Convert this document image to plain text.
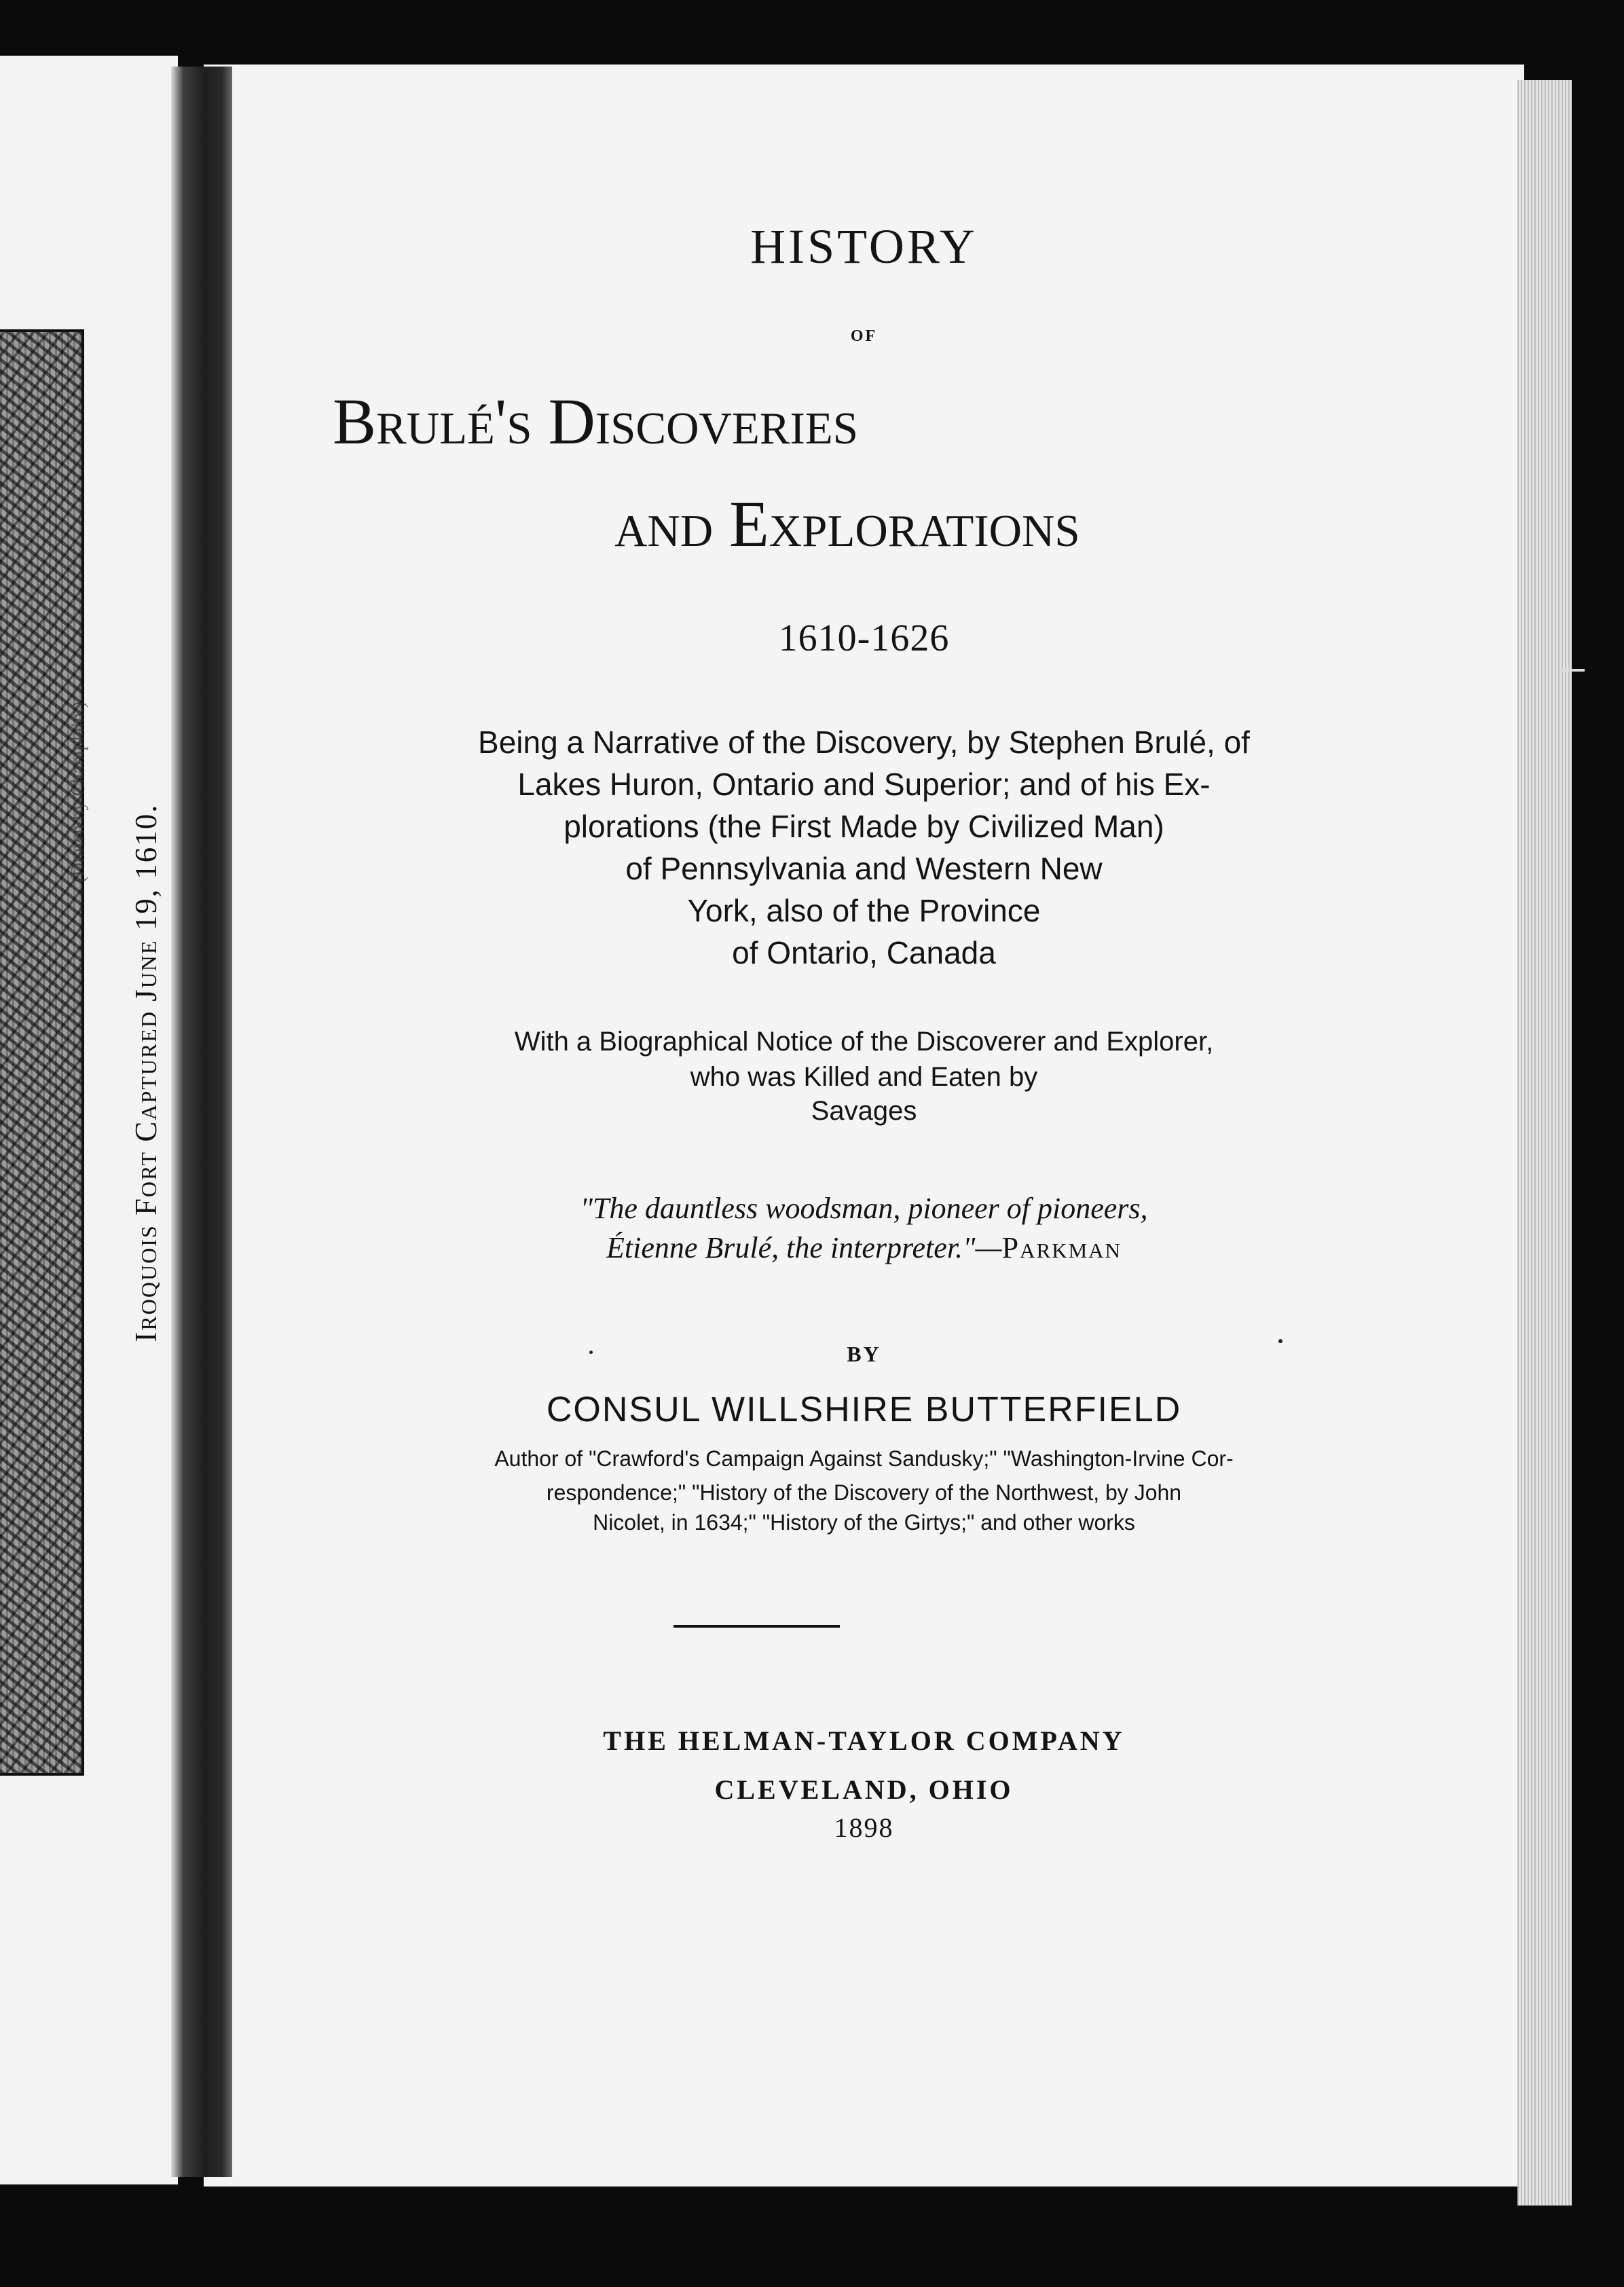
Iroquois Fort Captured June 19, 1610.
(Drawn by Champlain.)
HISTORY
OF
Brulé's Discoveries
and Explorations
1610-1626
Being a Narrative of the Discovery, by Stephen Brulé, of
Lakes Huron, Ontario and Superior; and of his Ex-
plorations (the First Made by Civilized Man)
of Pennsylvania and Western New
York, also of the Province
of Ontario, Canada
With a Biographical Notice of the Discoverer and Explorer,
who was Killed and Eaten by
Savages
"The dauntless woodsman, pioneer of pioneers,
Étienne Brulé, the interpreter."—Parkman
BY
CONSUL WILLSHIRE BUTTERFIELD
Author of "Crawford's Campaign Against Sandusky;" "Washington-Irvine Cor-
respondence;" "History of the Discovery of the Northwest, by John
Nicolet, in 1634;" "History of the Girtys;" and other works
THE HELMAN-TAYLOR COMPANY
CLEVELAND, OHIO
1898
